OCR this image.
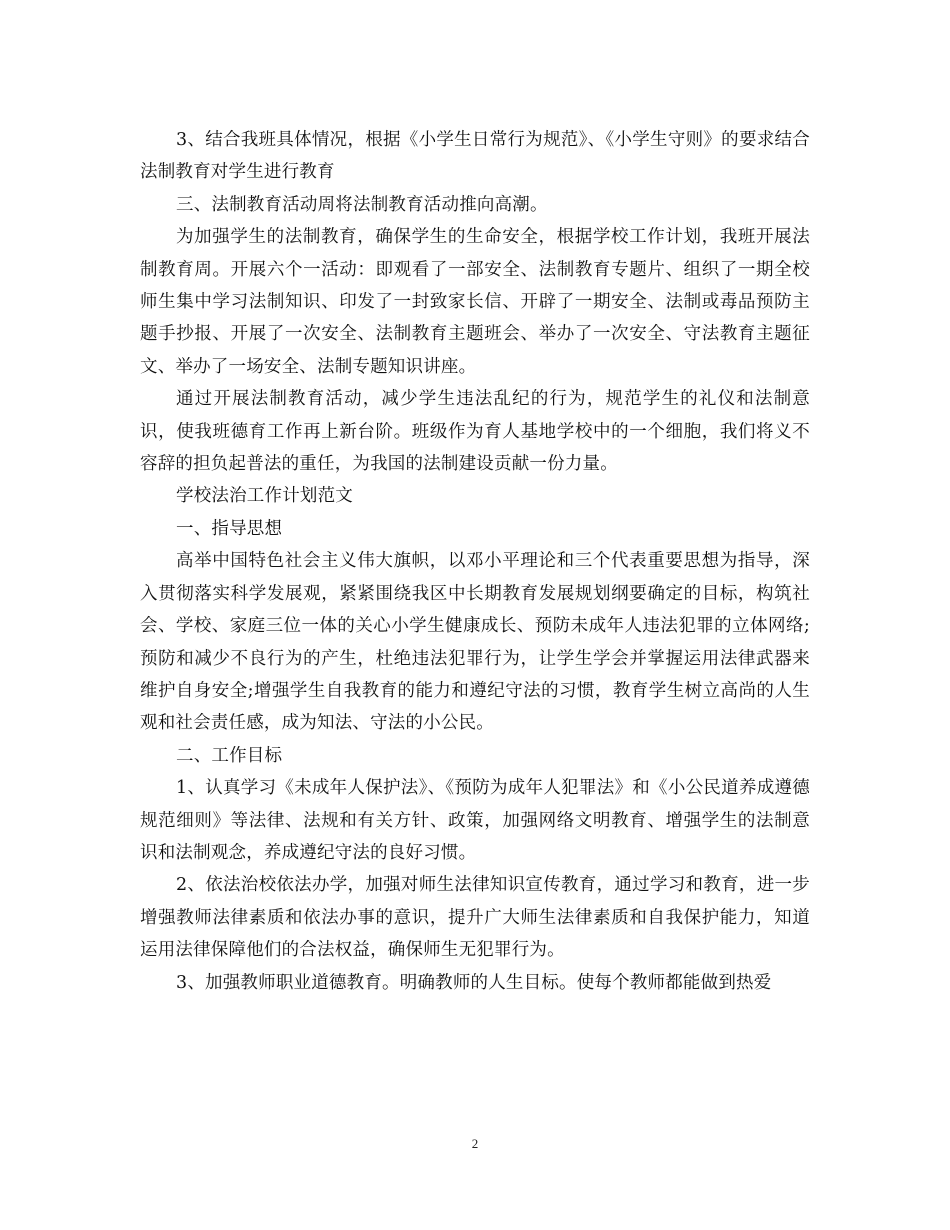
3、结合我班具体情况，根据《小学生日常行为规范》、《小学生守则》的要求结合法制教育对学生进行教育

三、法制教育活动周将法制教育活动推向高潮。

为加强学生的法制教育，确保学生的生命安全，根据学校工作计划，我班开展法制教育周。开展六个一活动：即观看了一部安全、法制教育专题片、组织了一期全校师生集中学习法制知识、印发了一封致家长信、开辟了一期安全、法制或毒品预防主题手抄报、开展了一次安全、法制教育主题班会、举办了一次安全、守法教育主题征文、举办了一场安全、法制专题知识讲座。

通过开展法制教育活动，减少学生违法乱纪的行为，规范学生的礼仪和法制意识，使我班德育工作再上新台阶。班级作为育人基地学校中的一个细胞，我们将义不容辞的担负起普法的重任，为我国的法制建设贡献一份力量。

学校法治工作计划范文

一、指导思想

高举中国特色社会主义伟大旗帜，以邓小平理论和三个代表重要思想为指导，深入贯彻落实科学发展观，紧紧围绕我区中长期教育发展规划纲要确定的目标，构筑社会、学校、家庭三位一体的关心小学生健康成长、预防未成年人违法犯罪的立体网络;预防和减少不良行为的产生，杜绝违法犯罪行为，让学生学会并掌握运用法律武器来维护自身安全;增强学生自我教育的能力和遵纪守法的习惯，教育学生树立高尚的人生观和社会责任感，成为知法、守法的小公民。

二、工作目标

1、认真学习《未成年人保护法》、《预防为成年人犯罪法》和《小公民道养成遵德规范细则》等法律、法规和有关方针、政策，加强网络文明教育、增强学生的法制意识和法制观念，养成遵纪守法的良好习惯。

2、依法治校依法办学，加强对师生法律知识宣传教育，通过学习和教育，进一步增强教师法律素质和依法办事的意识，提升广大师生法律素质和自我保护能力，知道运用法律保障他们的合法权益，确保师生无犯罪行为。

3、加强教师职业道德教育。明确教师的人生目标。使每个教师都能做到热爱

2
